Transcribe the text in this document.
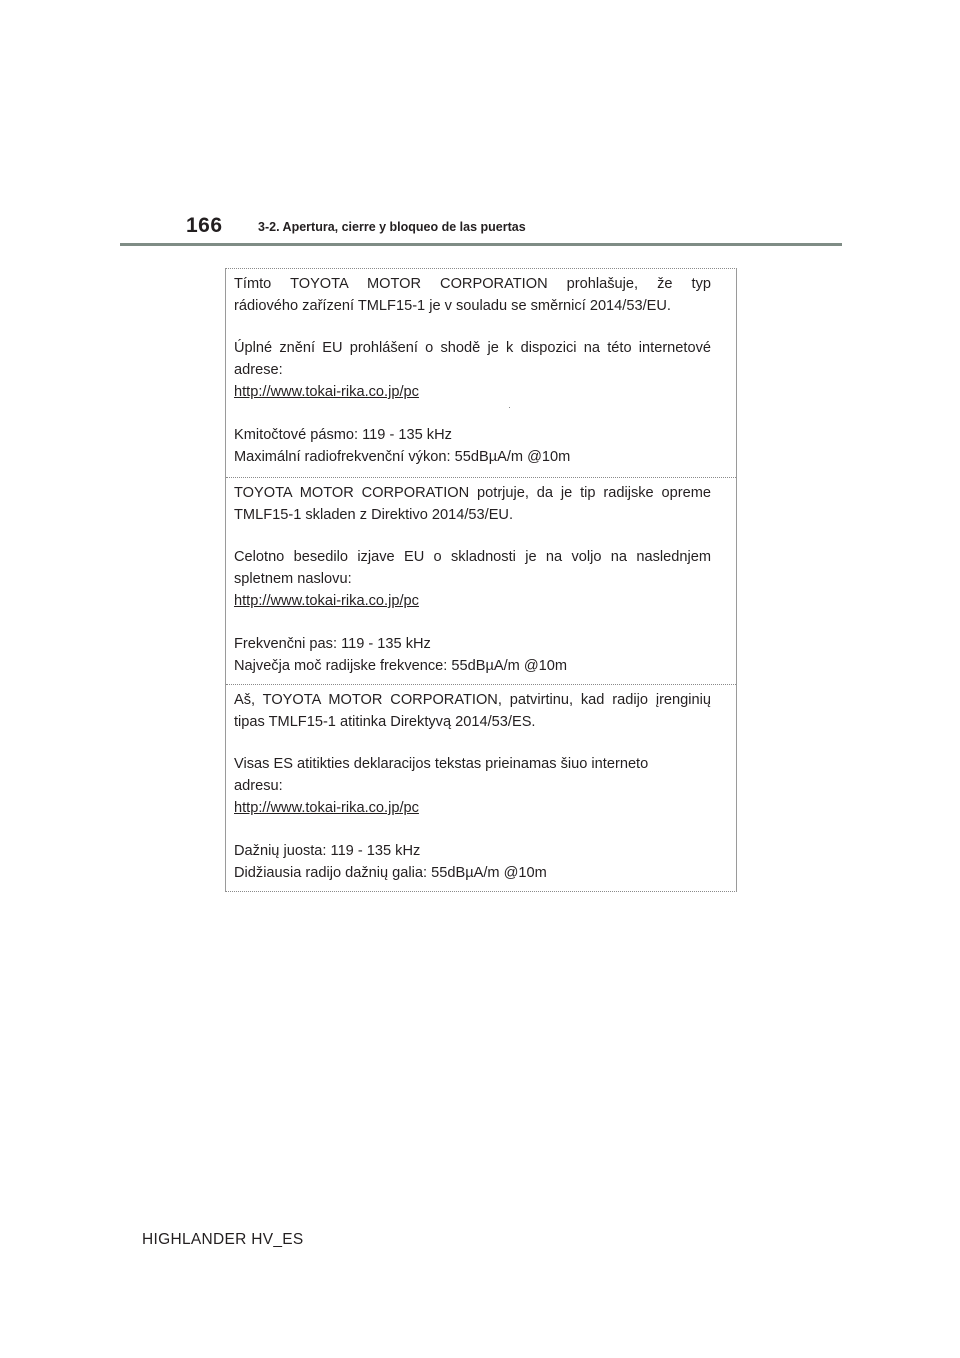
166	3-2. Apertura, cierre y bloqueo de las puertas

Tímto TOYOTA MOTOR CORPORATION prohlašuje, že typ

rádiového zařízení TMLF15-1 je v souladu se směrnicí 2014/53/EU.

Úplné znění EU prohlášení o shodě je k dispozici na této internetové

adrese:

http://www.tokai-rika.co.jp/pc

Kmitočtové pásmo: 119 - 135 kHz

Maximální radiofrekvenční výkon: 55dBµA/m @10m

TOYOTA MOTOR CORPORATION potrjuje, da je tip radijske opreme

TMLF15-1 skladen z Direktivo 2014/53/EU.

Celotno besedilo izjave EU o skladnosti je na voljo na naslednjem

spletnem naslovu:

http://www.tokai-rika.co.jp/pc

Frekvenčni pas: 119 - 135 kHz

Največja moč radijske frekvence: 55dBµA/m @10m

Aš, TOYOTA MOTOR CORPORATION, patvirtinu, kad radijo įrenginių

tipas TMLF15-1 atitinka Direktyvą 2014/53/ES.

Visas ES atitikties deklaracijos tekstas prieinamas šiuo interneto

adresu:

http://www.tokai-rika.co.jp/pc

Dažnių juosta: 119 - 135 kHz

Didžiausia radijo dažnių galia: 55dBµA/m @10m

HIGHLANDER HV_ES
